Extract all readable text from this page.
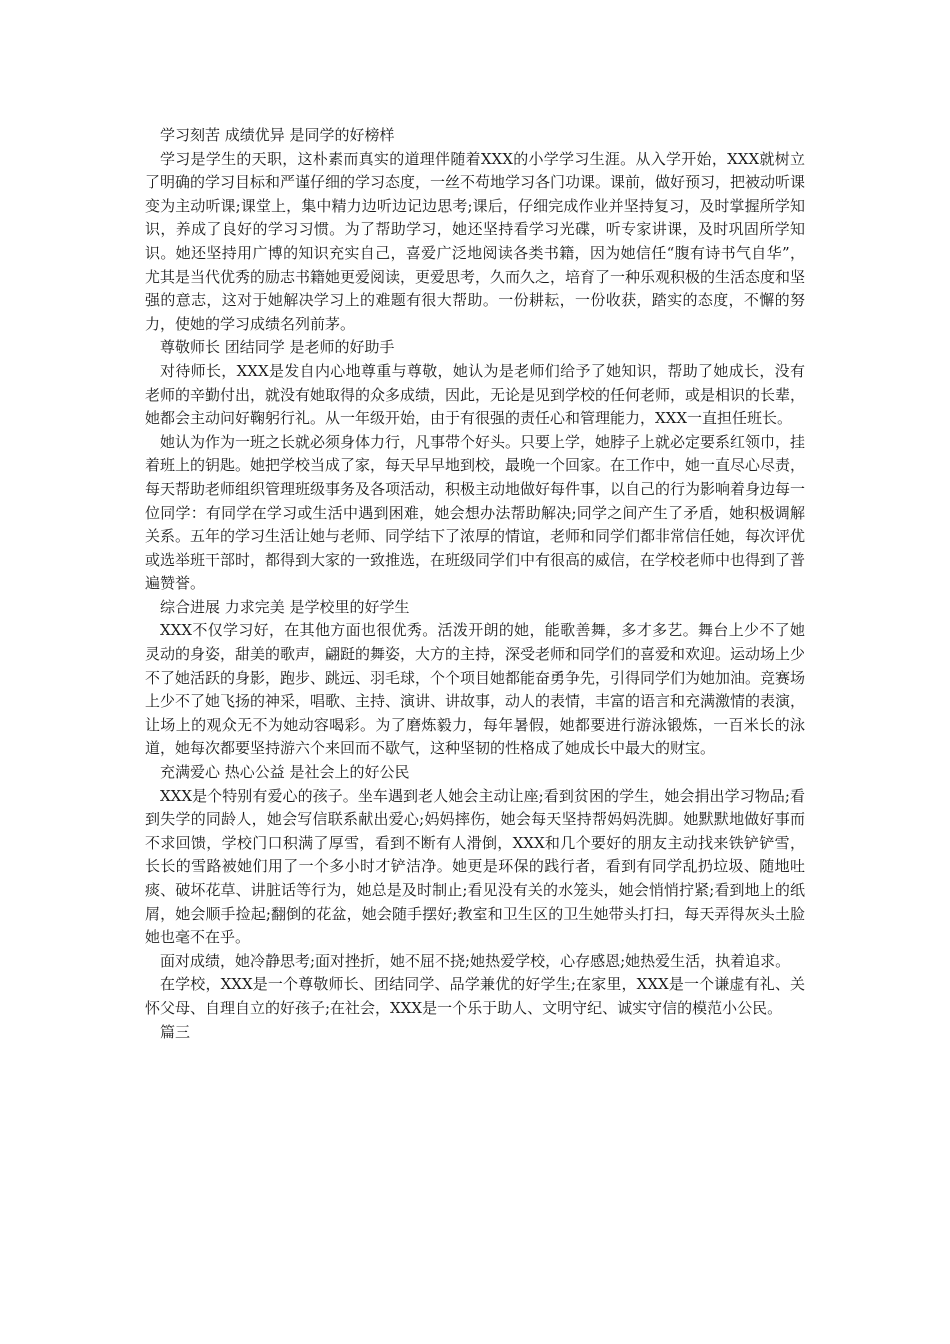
学习刻苦 成绩优异 是同学的好榜样

学习是学生的天职，这朴素而真实的道理伴随着XXX的小学学习生涯。从入学开始，XXX就树立了明确的学习目标和严谨仔细的学习态度，一丝不苟地学习各门功课。课前，做好预习，把被动听课变为主动听课;课堂上，集中精力边听边记边思考;课后，仔细完成作业并坚持复习，及时掌握所学知识，养成了良好的学习习惯。为了帮助学习，她还坚持看学习光碟，听专家讲课，及时巩固所学知识。她还坚持用广博的知识充实自己，喜爱广泛地阅读各类书籍，因为她信任“腹有诗书气自华”，尤其是当代优秀的励志书籍她更爱阅读，更爱思考，久而久之，培育了一种乐观积极的生活态度和坚强的意志，这对于她解决学习上的难题有很大帮助。一份耕耘，一份收获，踏实的态度，不懈的努力，使她的学习成绩名列前茅。

尊敬师长 团结同学 是老师的好助手

对待师长，XXX是发自内心地尊重与尊敬，她认为是老师们给予了她知识，帮助了她成长，没有老师的辛勤付出，就没有她取得的众多成绩，因此，无论是见到学校的任何老师，或是相识的长辈，她都会主动问好鞠躬行礼。从一年级开始，由于有很强的责任心和管理能力，XXX一直担任班长。

她认为作为一班之长就必须身体力行，凡事带个好头。只要上学，她脖子上就必定要系红领巾，挂着班上的钥匙。她把学校当成了家，每天早早地到校，最晚一个回家。在工作中，她一直尽心尽责，每天帮助老师组织管理班级事务及各项活动，积极主动地做好每件事，以自己的行为影响着身边每一位同学：有同学在学习或生活中遇到困难，她会想办法帮助解决;同学之间产生了矛盾，她积极调解关系。五年的学习生活让她与老师、同学结下了浓厚的情谊，老师和同学们都非常信任她，每次评优或选举班干部时，都得到大家的一致推选，在班级同学们中有很高的威信，在学校老师中也得到了普遍赞誉。

综合进展 力求完美 是学校里的好学生

XXX不仅学习好，在其他方面也很优秀。活泼开朗的她，能歌善舞，多才多艺。舞台上少不了她灵动的身姿，甜美的歌声，翩跹的舞姿，大方的主持，深受老师和同学们的喜爱和欢迎。运动场上少不了她活跃的身影，跑步、跳远、羽毛球，个个项目她都能奋勇争先，引得同学们为她加油。竞赛场上少不了她飞扬的神采，唱歌、主持、演讲、讲故事，动人的表情，丰富的语言和充满激情的表演，让场上的观众无不为她动容喝彩。为了磨炼毅力，每年暑假，她都要进行游泳锻炼，一百米长的泳道，她每次都要坚持游六个来回而不歇气，这种坚韧的性格成了她成长中最大的财宝。

充满爱心 热心公益 是社会上的好公民

XXX是个特别有爱心的孩子。坐车遇到老人她会主动让座;看到贫困的学生，她会捐出学习物品;看到失学的同龄人，她会写信联系献出爱心;妈妈摔伤，她会每天坚持帮妈妈洗脚。她默默地做好事而不求回馈，学校门口积满了厚雪，看到不断有人滑倒，XXX和几个要好的朋友主动找来铁铲铲雪，长长的雪路被她们用了一个多小时才铲洁净。她更是环保的践行者，看到有同学乱扔垃圾、随地吐痰、破坏花草、讲脏话等行为，她总是及时制止;看见没有关的水笼头，她会悄悄拧紧;看到地上的纸屑，她会顺手捡起;翻倒的花盆，她会随手摆好;教室和卫生区的卫生她带头打扫，每天弄得灰头土脸她也毫不在乎。

面对成绩，她冷静思考;面对挫折，她不屈不挠;她热爱学校，心存感恩;她热爱生活，执着追求。

在学校，XXX是一个尊敬师长、团结同学、品学兼优的好学生;在家里，XXX是一个谦虚有礼、关怀父母、自理自立的好孩子;在社会，XXX是一个乐于助人、文明守纪、诚实守信的模范小公民。

篇三
